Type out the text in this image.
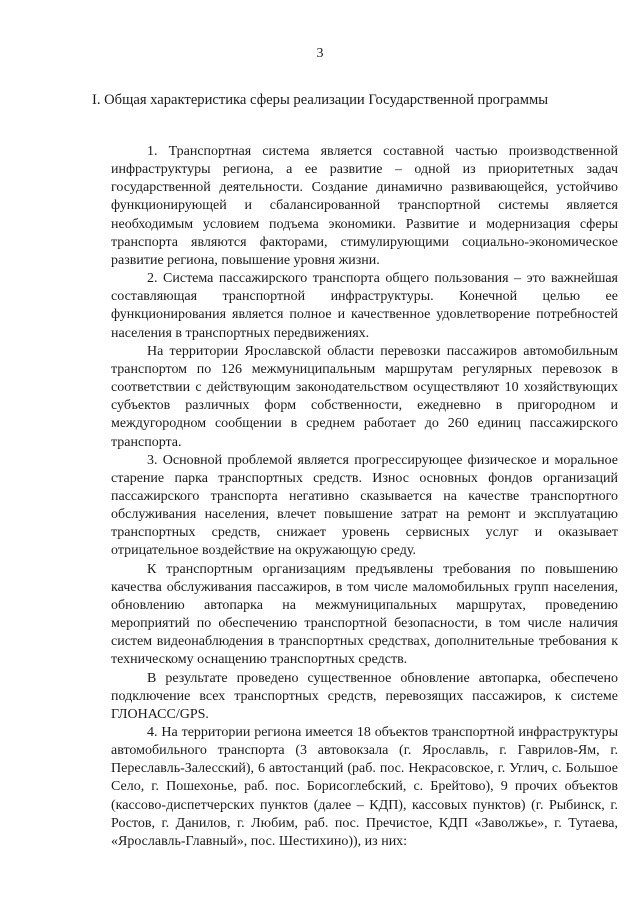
3
I. Общая характеристика сферы реализации Государственной программы

1. Транспортная система является составной частью производственной инфраструктуры региона, а ее развитие – одной из приоритетных задач государственной деятельности. Создание динамично развивающейся, устойчиво функционирующей и сбалансированной транспортной системы является необходимым условием подъема экономики. Развитие и модернизация сферы транспорта являются факторами, стимулирующими социально-экономическое развитие региона, повышение уровня жизни.

2. Система пассажирского транспорта общего пользования – это важнейшая составляющая транспортной инфраструктуры. Конечной целью ее функционирования является полное и качественное удовлетворение потребностей населения в транспортных передвижениях.

На территории Ярославской области перевозки пассажиров автомобильным транспортом по 126 межмуниципальным маршрутам регулярных перевозок в соответствии с действующим законодательством осуществляют 10 хозяйствующих субъектов различных форм собственности, ежедневно в пригородном и междугородном сообщении в среднем работает до 260 единиц пассажирского транспорта.

3. Основной проблемой является прогрессирующее физическое и моральное старение парка транспортных средств. Износ основных фондов организаций пассажирского транспорта негативно сказывается на качестве транспортного обслуживания населения, влечет повышение затрат на ремонт и эксплуатацию транспортных средств, снижает уровень сервисных услуг и оказывает отрицательное воздействие на окружающую среду.

К транспортным организациям предъявлены требования по повышению качества обслуживания пассажиров, в том числе маломобильных групп населения, обновлению автопарка на межмуниципальных маршрутах, проведению мероприятий по обеспечению транспортной безопасности, в том числе наличия систем видеонаблюдения в транспортных средствах, дополнительные требования к техническому оснащению транспортных средств.

В результате проведено существенное обновление автопарка, обеспечено подключение всех транспортных средств, перевозящих пассажиров, к системе ГЛОНАСС/GPS.

4. На территории региона имеется 18 объектов транспортной инфраструктуры автомобильного транспорта (3 автовокзала (г. Ярославль, г. Гаврилов-Ям, г. Переславль-Залесский), 6 автостанций (раб. пос. Некрасовское, г. Углич, с. Большое Село, г. Пошехонье, раб. пос. Борисоглебский, с. Брейтово), 9 прочих объектов (кассово-диспетчерских пунктов (далее – КДП), кассовых пунктов) (г. Рыбинск, г. Ростов, г. Данилов, г. Любим, раб. пос. Пречистое, КДП «Заволжье», г. Тутаева, «Ярославль-Главный», пос. Шестихино)), из них:
